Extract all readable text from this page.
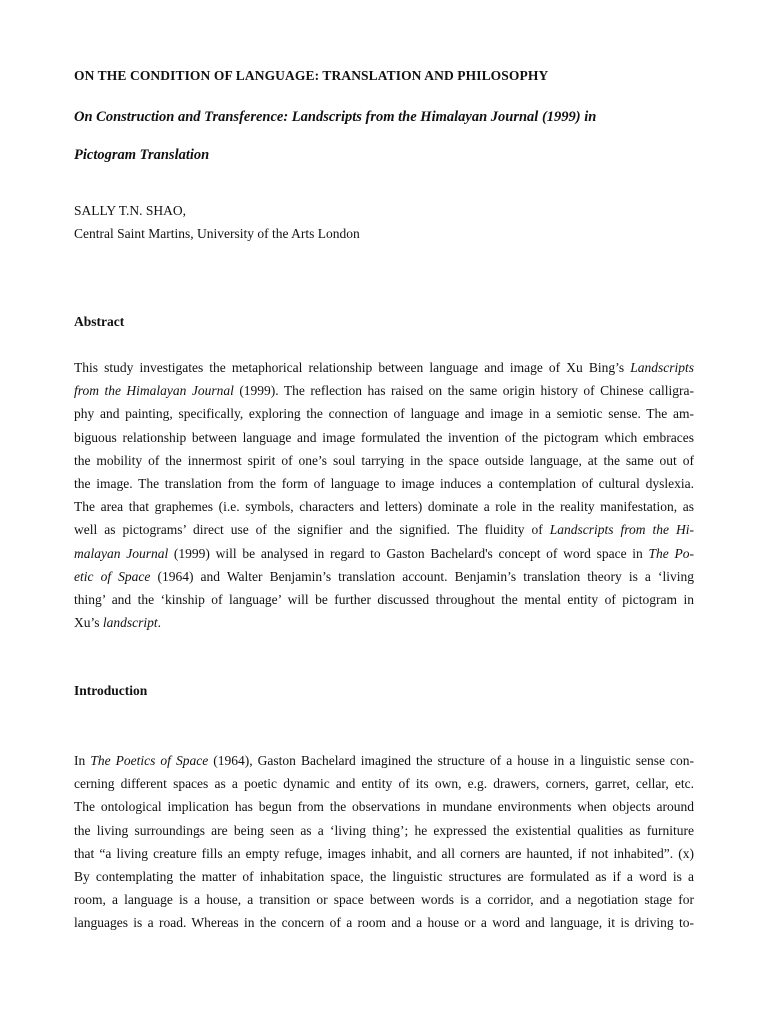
ON THE CONDITION OF LANGUAGE: TRANSLATION AND PHILOSOPHY
On Construction and Transference: Landscripts from the Himalayan Journal (1999) in
Pictogram Translation
SALLY T.N. SHAO,
Central Saint Martins, University of the Arts London
Abstract
This study investigates the metaphorical relationship between language and image of Xu Bing’s Landscripts
from the Himalayan Journal (1999). The reflection has raised on the same origin history of Chinese calligra-
phy and painting, specifically, exploring the connection of language and image in a semiotic sense. The am-
biguous relationship between language and image formulated the invention of the pictogram which embraces
the mobility of the innermost spirit of one’s soul tarrying in the space outside language, at the same out of
the image. The translation from the form of language to image induces a contemplation of cultural dyslexia.
The area that graphemes (i.e. symbols, characters and letters) dominate a role in the reality manifestation, as
well as pictograms’ direct use of the signifier and the signified. The fluidity of Landscripts from the Hi-
malayan Journal (1999) will be analysed in regard to Gaston Bachelard's concept of word space in The Po-
etic of Space (1964) and Walter Benjamin’s translation account. Benjamin’s translation theory is a ‘living
thing’ and the ‘kinship of language’ will be further discussed throughout the mental entity of pictogram in
Xu’s landscript.
Introduction
In The Poetics of Space (1964), Gaston Bachelard imagined the structure of a house in a linguistic sense con-
cerning different spaces as a poetic dynamic and entity of its own, e.g. drawers, corners, garret, cellar, etc.
The ontological implication has begun from the observations in mundane environments when objects around
the living surroundings are being seen as a ‘living thing’; he expressed the existential qualities as furniture
that “a living creature fills an empty refuge, images inhabit, and all corners are haunted, if not inhabited”. (x)
By contemplating the matter of inhabitation space, the linguistic structures are formulated as if a word is a
room, a language is a house, a transition or space between words is a corridor, and a negotiation stage for
languages is a road. Whereas in the concern of a room and a house or a word and language, it is driving to-
